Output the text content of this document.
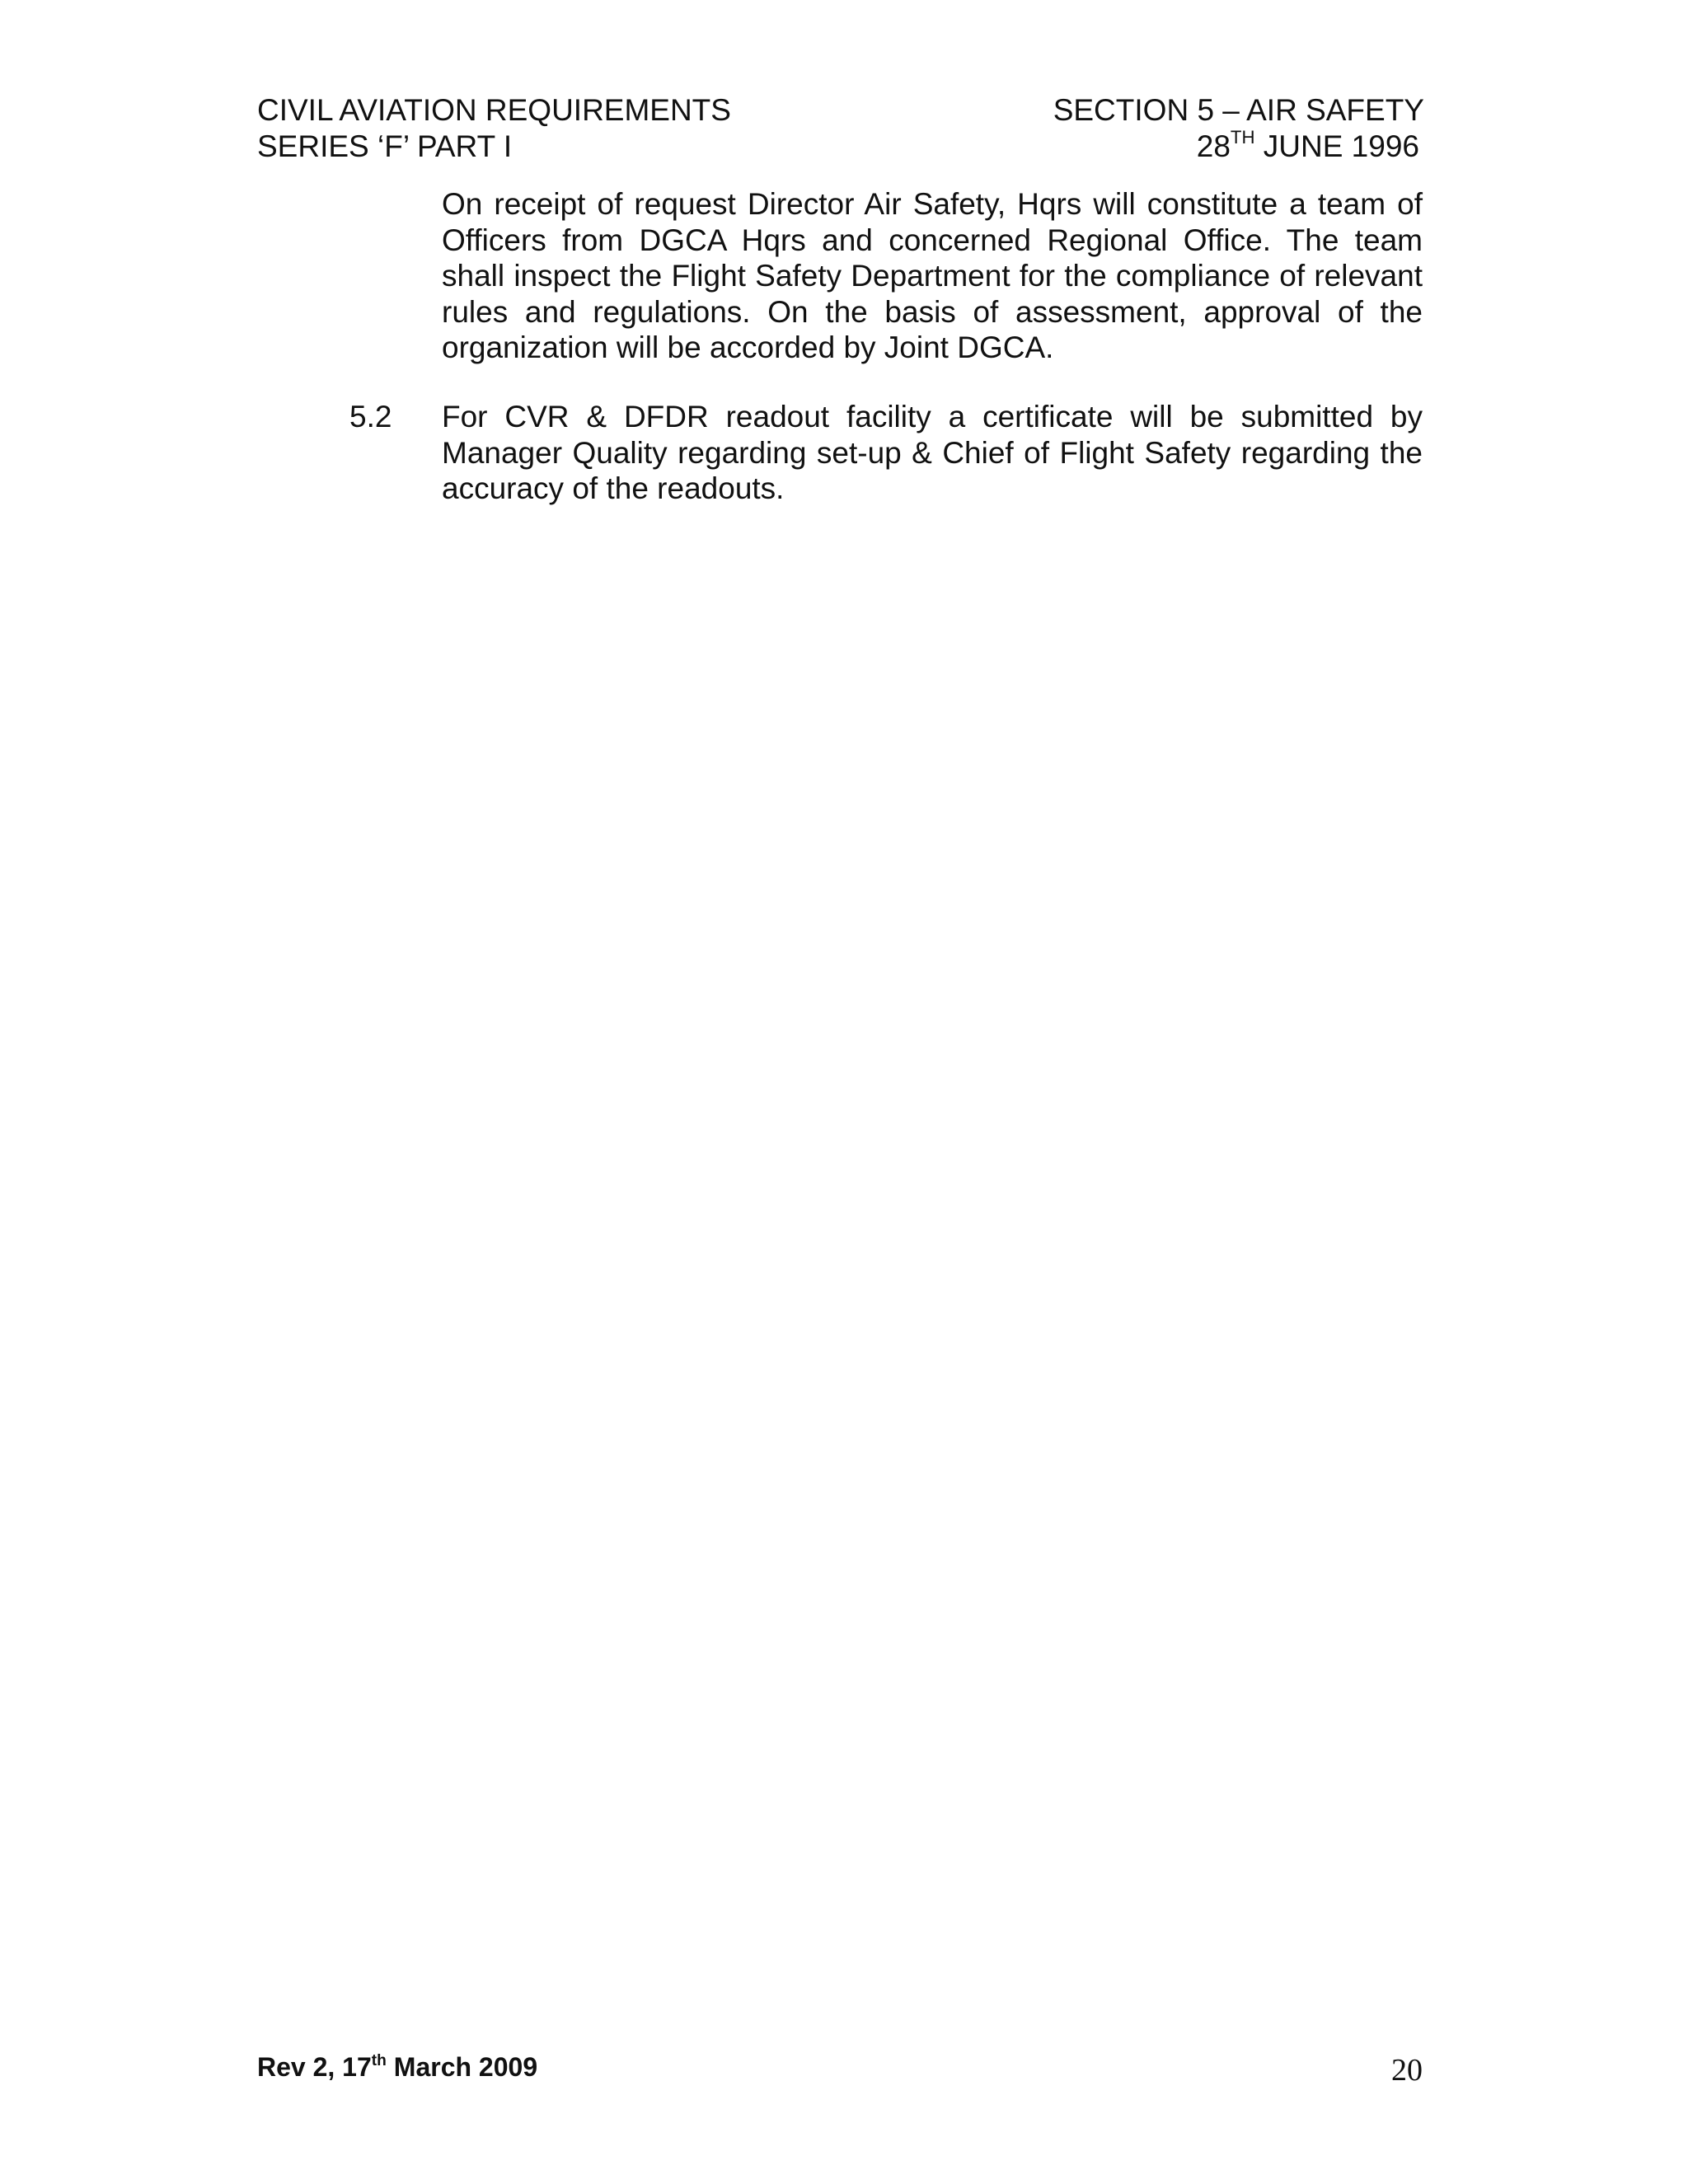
CIVIL AVIATION REQUIREMENTS
SERIES ‘F’ PART I
SECTION 5 – AIR SAFETY
28TH JUNE 1996
On receipt of request Director Air Safety, Hqrs will constitute a team of Officers from DGCA Hqrs and concerned Regional Office. The team shall inspect the Flight Safety Department for the compliance of relevant rules and regulations. On the basis of assessment, approval of the organization will be accorded by Joint DGCA.
5.2 For CVR & DFDR readout facility a certificate will be submitted by Manager Quality regarding set-up & Chief of Flight Safety regarding the accuracy of the readouts.
Rev 2, 17th March 2009	20
